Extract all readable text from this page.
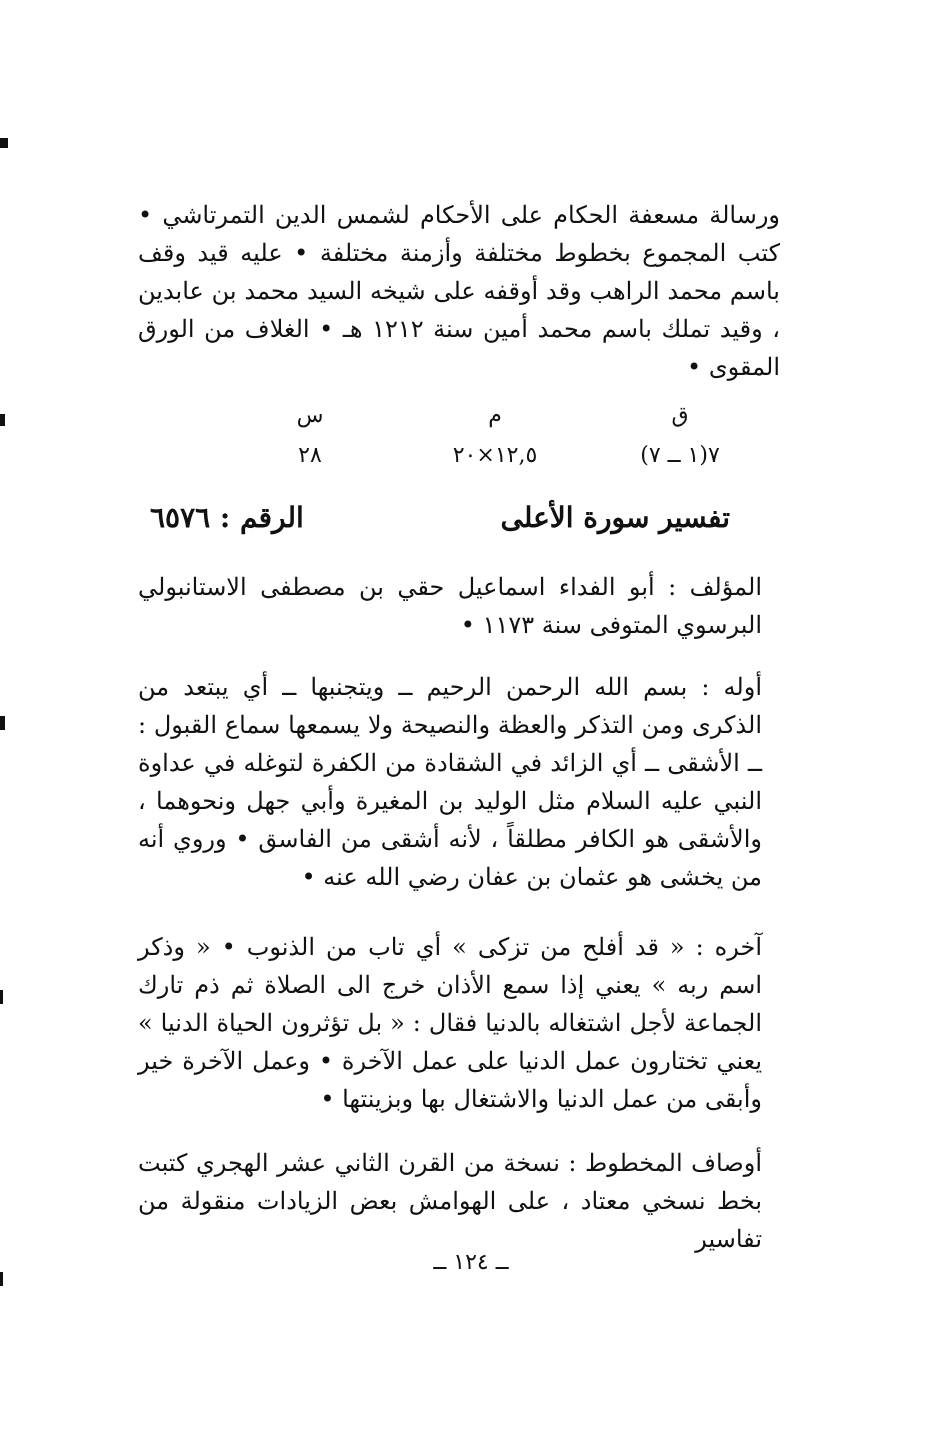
ورسالة مسعفة الحكام على الأحكام لشمس الدين التمرتاشي • كتب المجموع بخطوط مختلفة وأزمنة مختلفة • عليه قيد وقف باسم محمد الراهب وقد أوقفه على شيخه السيد محمد بن عابدين ، وقيد تملك باسم محمد أمين سنة ١٢١٢ هـ • الغلاف من الورق المقوى •

ق
م
س
٧(١ ــ ٧)
١٢,٥×٢٠
٢٨
تفسير سورة الأعلى
الرقم : ٦٥٧٦

المؤلف : أبو الفداء اسماعيل حقي بن مصطفى الاستانبولي البرسوي المتوفى سنة ١١٧٣ •

أوله : بسم الله الرحمن الرحيم ــ ويتجنبها ــ أي يبتعد من الذكرى ومن التذكر والعظة والنصيحة ولا يسمعها سماع القبول : ــ الأشقى ــ أي الزائد في الشقادة من الكفرة لتوغله في عداوة النبي عليه السلام مثل الوليد بن المغيرة وأبي جهل ونحوهما ، والأشقى هو الكافر مطلقاً ، لأنه أشقى من الفاسق • وروي أنه من يخشى هو عثمان بن عفان رضي الله عنه •

آخره : « قد أفلح من تزكى » أي تاب من الذنوب • « وذكر اسم ربه » يعني إذا سمع الأذان خرج الى الصلاة ثم ذم تارك الجماعة لأجل اشتغاله بالدنيا فقال : « بل تؤثرون الحياة الدنيا » يعني تختارون عمل الدنيا على عمل الآخرة • وعمل الآخرة خير وأبقى من عمل الدنيا والاشتغال بها وبزينتها •

أوصاف المخطوط : نسخة من القرن الثاني عشر الهجري كتبت بخط نسخي معتاد ، على الهوامش بعض الزيادات منقولة من تفاسير

ــ ١٢٤ ــ
